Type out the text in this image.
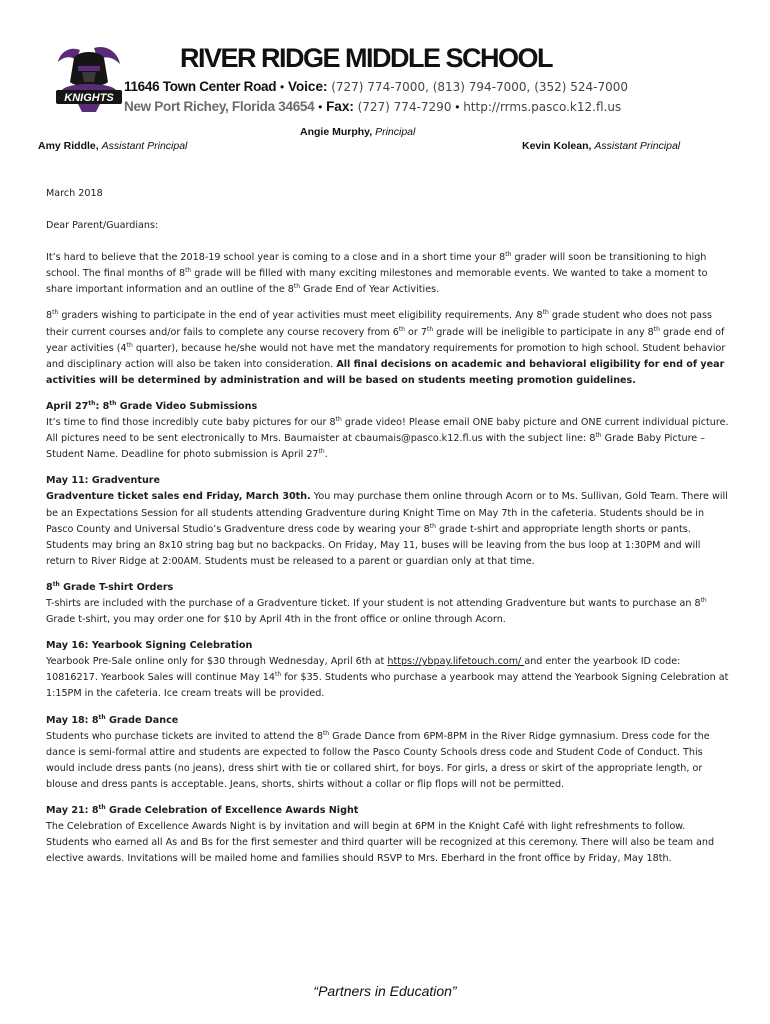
KNIGHTS
RIVER RIDGE MIDDLE SCHOOL
11646 Town Center Road • Voice: (727) 774-7000, (813) 794-7000, (352) 524-7000
New Port Richey, Florida 34654 • Fax: (727) 774-7290 • http://rrms.pasco.k12.fl.us
Angie Murphy, Principal
Amy Riddle, Assistant Principal	Kevin Kolean, Assistant Principal

March 2018

Dear Parent/Guardians:

It’s hard to believe that the 2018-19 school year is coming to a close and in a short time your 8th grader will soon be transitioning to high school. The final months of 8th grade will be filled with many exciting milestones and memorable events. We wanted to take a moment to share important information and an outline of the 8th Grade End of Year Activities.

8th graders wishing to participate in the end of year activities must meet eligibility requirements. Any 8th grade student who does not pass their current courses and/or fails to complete any course recovery from 6th or 7th grade will be ineligible to participate in any 8th grade end of year activities (4th quarter), because he/she would not have met the mandatory requirements for promotion to high school. Student behavior and disciplinary action will also be taken into consideration. All final decisions on academic and behavioral eligibility for end of year activities will be determined by administration and will be based on students meeting promotion guidelines.

April 27th: 8th Grade Video Submissions

It’s time to find those incredibly cute baby pictures for our 8th grade video! Please email ONE baby picture and ONE current individual picture. All pictures need to be sent electronically to Mrs. Baumaister at cbaumais@pasco.k12.fl.us with the subject line: 8th Grade Baby Picture – Student Name. Deadline for photo submission is April 27th.

May 11: Gradventure

Gradventure ticket sales end Friday, March 30th. You may purchase them online through Acorn or to Ms. Sullivan, Gold Team. There will be an Expectations Session for all students attending Gradventure during Knight Time on May 7th in the cafeteria. Students should be in Pasco County and Universal Studio’s Gradventure dress code by wearing your 8th grade t-shirt and appropriate length shorts or pants. Students may bring an 8x10 string bag but no backpacks. On Friday, May 11, buses will be leaving from the bus loop at 1:30PM and will return to River Ridge at 2:00AM. Students must be released to a parent or guardian only at that time.

8th Grade T-shirt Orders

T-shirts are included with the purchase of a Gradventure ticket. If your student is not attending Gradventure but wants to purchase an 8th Grade t-shirt, you may order one for $10 by April 4th in the front office or online through Acorn.

May 16: Yearbook Signing Celebration

Yearbook Pre-Sale online only for $30 through Wednesday, April 6th at https://ybpay.lifetouch.com/ and enter the yearbook ID code: 10816217. Yearbook Sales will continue May 14th for $35. Students who purchase a yearbook may attend the Yearbook Signing Celebration at 1:15PM in the cafeteria. Ice cream treats will be provided.

May 18: 8th Grade Dance

Students who purchase tickets are invited to attend the 8th Grade Dance from 6PM-8PM in the River Ridge gymnasium. Dress code for the dance is semi-formal attire and students are expected to follow the Pasco County Schools dress code and Student Code of Conduct. This would include dress pants (no jeans), dress shirt with tie or collared shirt, for boys. For girls, a dress or skirt of the appropriate length, or blouse and dress pants is acceptable. Jeans, shorts, shirts without a collar or flip flops will not be permitted.

May 21: 8th Grade Celebration of Excellence Awards Night

The Celebration of Excellence Awards Night is by invitation and will begin at 6PM in the Knight Café with light refreshments to follow. Students who earned all As and Bs for the first semester and third quarter will be recognized at this ceremony. There will also be team and elective awards. Invitations will be mailed home and families should RSVP to Mrs. Eberhard in the front office by Friday, May 18th.

“Partners in Education”
